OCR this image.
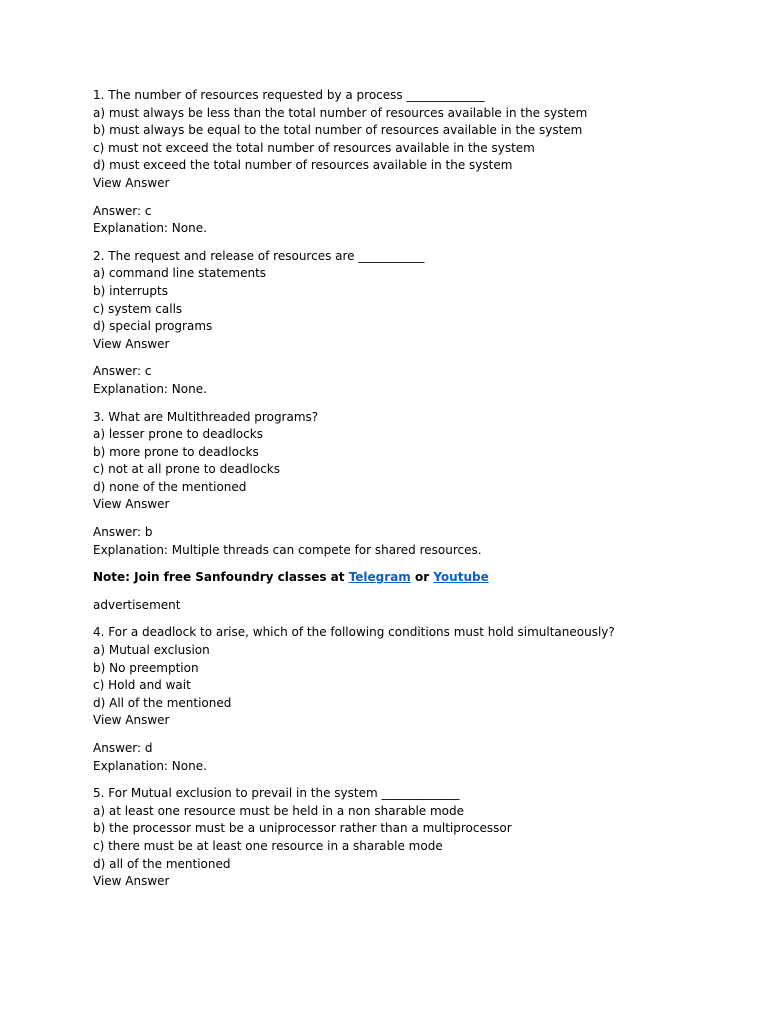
1. The number of resources requested by a process _____________
a) must always be less than the total number of resources available in the system
b) must always be equal to the total number of resources available in the system
c) must not exceed the total number of resources available in the system
d) must exceed the total number of resources available in the system
View Answer
Answer: c
Explanation: None.
2. The request and release of resources are ___________
a) command line statements
b) interrupts
c) system calls
d) special programs
View Answer
Answer: c
Explanation: None.
3. What are Multithreaded programs?
a) lesser prone to deadlocks
b) more prone to deadlocks
c) not at all prone to deadlocks
d) none of the mentioned
View Answer
Answer: b
Explanation: Multiple threads can compete for shared resources.
Note: Join free Sanfoundry classes at Telegram or Youtube
advertisement
4. For a deadlock to arise, which of the following conditions must hold simultaneously?
a) Mutual exclusion
b) No preemption
c) Hold and wait
d) All of the mentioned
View Answer
Answer: d
Explanation: None.
5. For Mutual exclusion to prevail in the system _____________
a) at least one resource must be held in a non sharable mode
b) the processor must be a uniprocessor rather than a multiprocessor
c) there must be at least one resource in a sharable mode
d) all of the mentioned
View Answer
